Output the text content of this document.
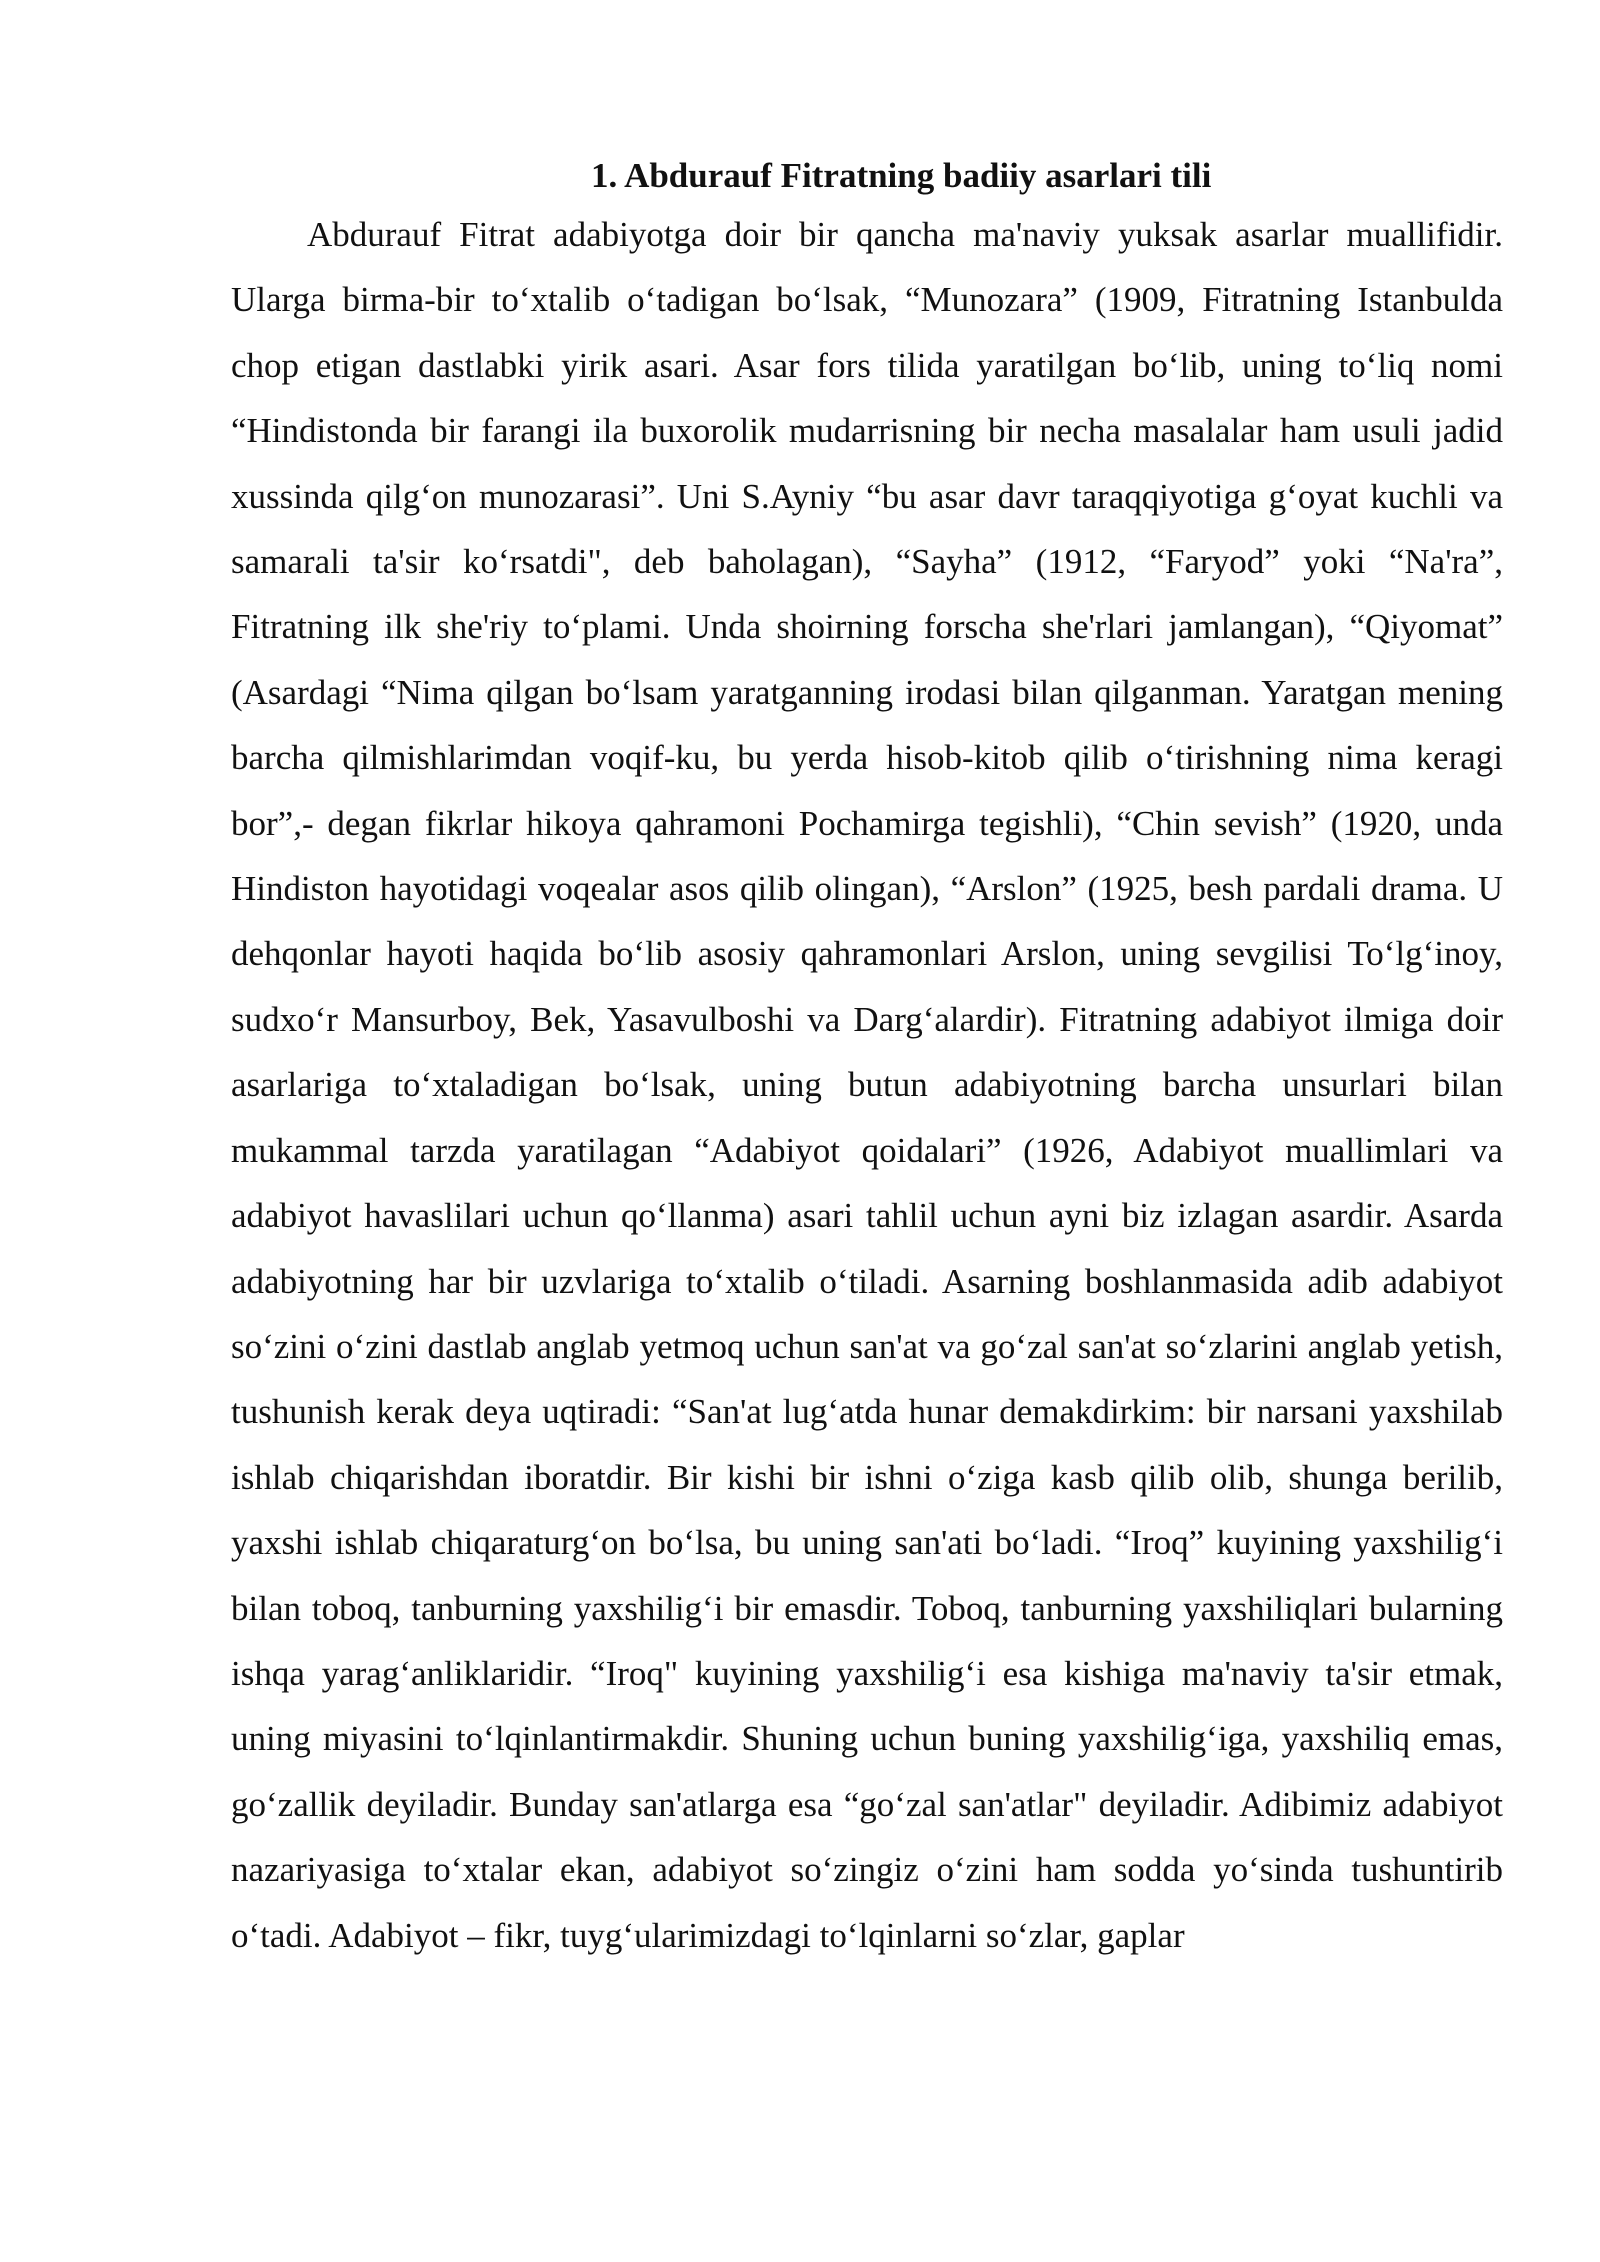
1. Abdurauf Fitratning badiiy asarlari tili

Abdurauf Fitrat adabiyotga doir bir qancha ma'naviy yuksak asarlar muallifidir. Ularga birma-bir to‘xtalib o‘tadigan bo‘lsak, “Munozara” (1909, Fitratning Istanbulda chop etigan dastlabki yirik asari. Asar fors tilida yaratilgan bo‘lib, uning to‘liq nomi “Hindistonda bir farangi ila buxorolik mudarrisning bir necha masalalar ham usuli jadid xussinda qilg‘on munozarasi”. Uni S.Ayniy “bu asar davr taraqqiyotiga g‘oyat kuchli va samarali ta'sir ko‘rsatdi", deb baholagan), “Sayha” (1912, “Faryod” yoki “Na'ra”, Fitratning ilk she'riy to‘plami. Unda shoirning forscha she'rlari jamlangan), “Qiyomat” (Asardagi “Nima qilgan bo‘lsam yaratganning irodasi bilan qilganman. Yaratgan mening barcha qilmishlarimdan voqif-ku, bu yerda hisob-kitob qilib o‘tirishning nima keragi bor”,- degan fikrlar hikoya qahramoni Pochamirga tegishli), “Chin sevish” (1920, unda Hindiston hayotidagi voqealar asos qilib olingan), “Arslon” (1925, besh pardali drama. U dehqonlar hayoti haqida bo‘lib asosiy qahramonlari Arslon, uning sevgilisi To‘lg‘inoy, sudxo‘r Mansurboy, Bek, Yasavulboshi va Darg‘alardir). Fitratning adabiyot ilmiga doir asarlariga to‘xtaladigan bo‘lsak, uning butun adabiyotning barcha unsurlari bilan mukammal tarzda yaratilagan “Adabiyot qoidalari” (1926, Adabiyot muallimlari va adabiyot havaslilari uchun qo‘llanma) asari tahlil uchun ayni biz izlagan asardir. Asarda adabiyotning har bir uzvlariga to‘xtalib o‘tiladi. Asarning boshlanmasida adib adabiyot so‘zini o‘zini dastlab anglab yetmoq uchun san'at va go‘zal san'at so‘zlarini anglab yetish, tushunish kerak deya uqtiradi: “San'at lug‘atda hunar demakdirkim: bir narsani yaxshilab ishlab chiqarishdan iboratdir. Bir kishi bir ishni o‘ziga kasb qilib olib, shunga berilib, yaxshi ishlab chiqaraturg‘on bo‘lsa, bu uning san'ati bo‘ladi. “Iroq” kuyining yaxshilig‘i bilan toboq, tanburning yaxshilig‘i bir emasdir. Toboq, tanburning yaxshiliqlari bularning ishqa yarag‘anliklaridir. “Iroq" kuyining yaxshilig‘i esa kishiga ma'naviy ta'sir etmak, uning miyasini to‘lqinlantirmakdir. Shuning uchun buning yaxshilig‘iga, yaxshiliq emas, go‘zallik deyiladir. Bunday san'atlarga esa “go‘zal san'atlar" deyiladir. Adibimiz adabiyot nazariyasiga to‘xtalar ekan, adabiyot so‘zingiz o‘zini ham sodda yo‘sinda tushuntirib o‘tadi. Adabiyot – fikr, tuyg‘ularimizdagi to‘lqinlarni so‘zlar, gaplar
